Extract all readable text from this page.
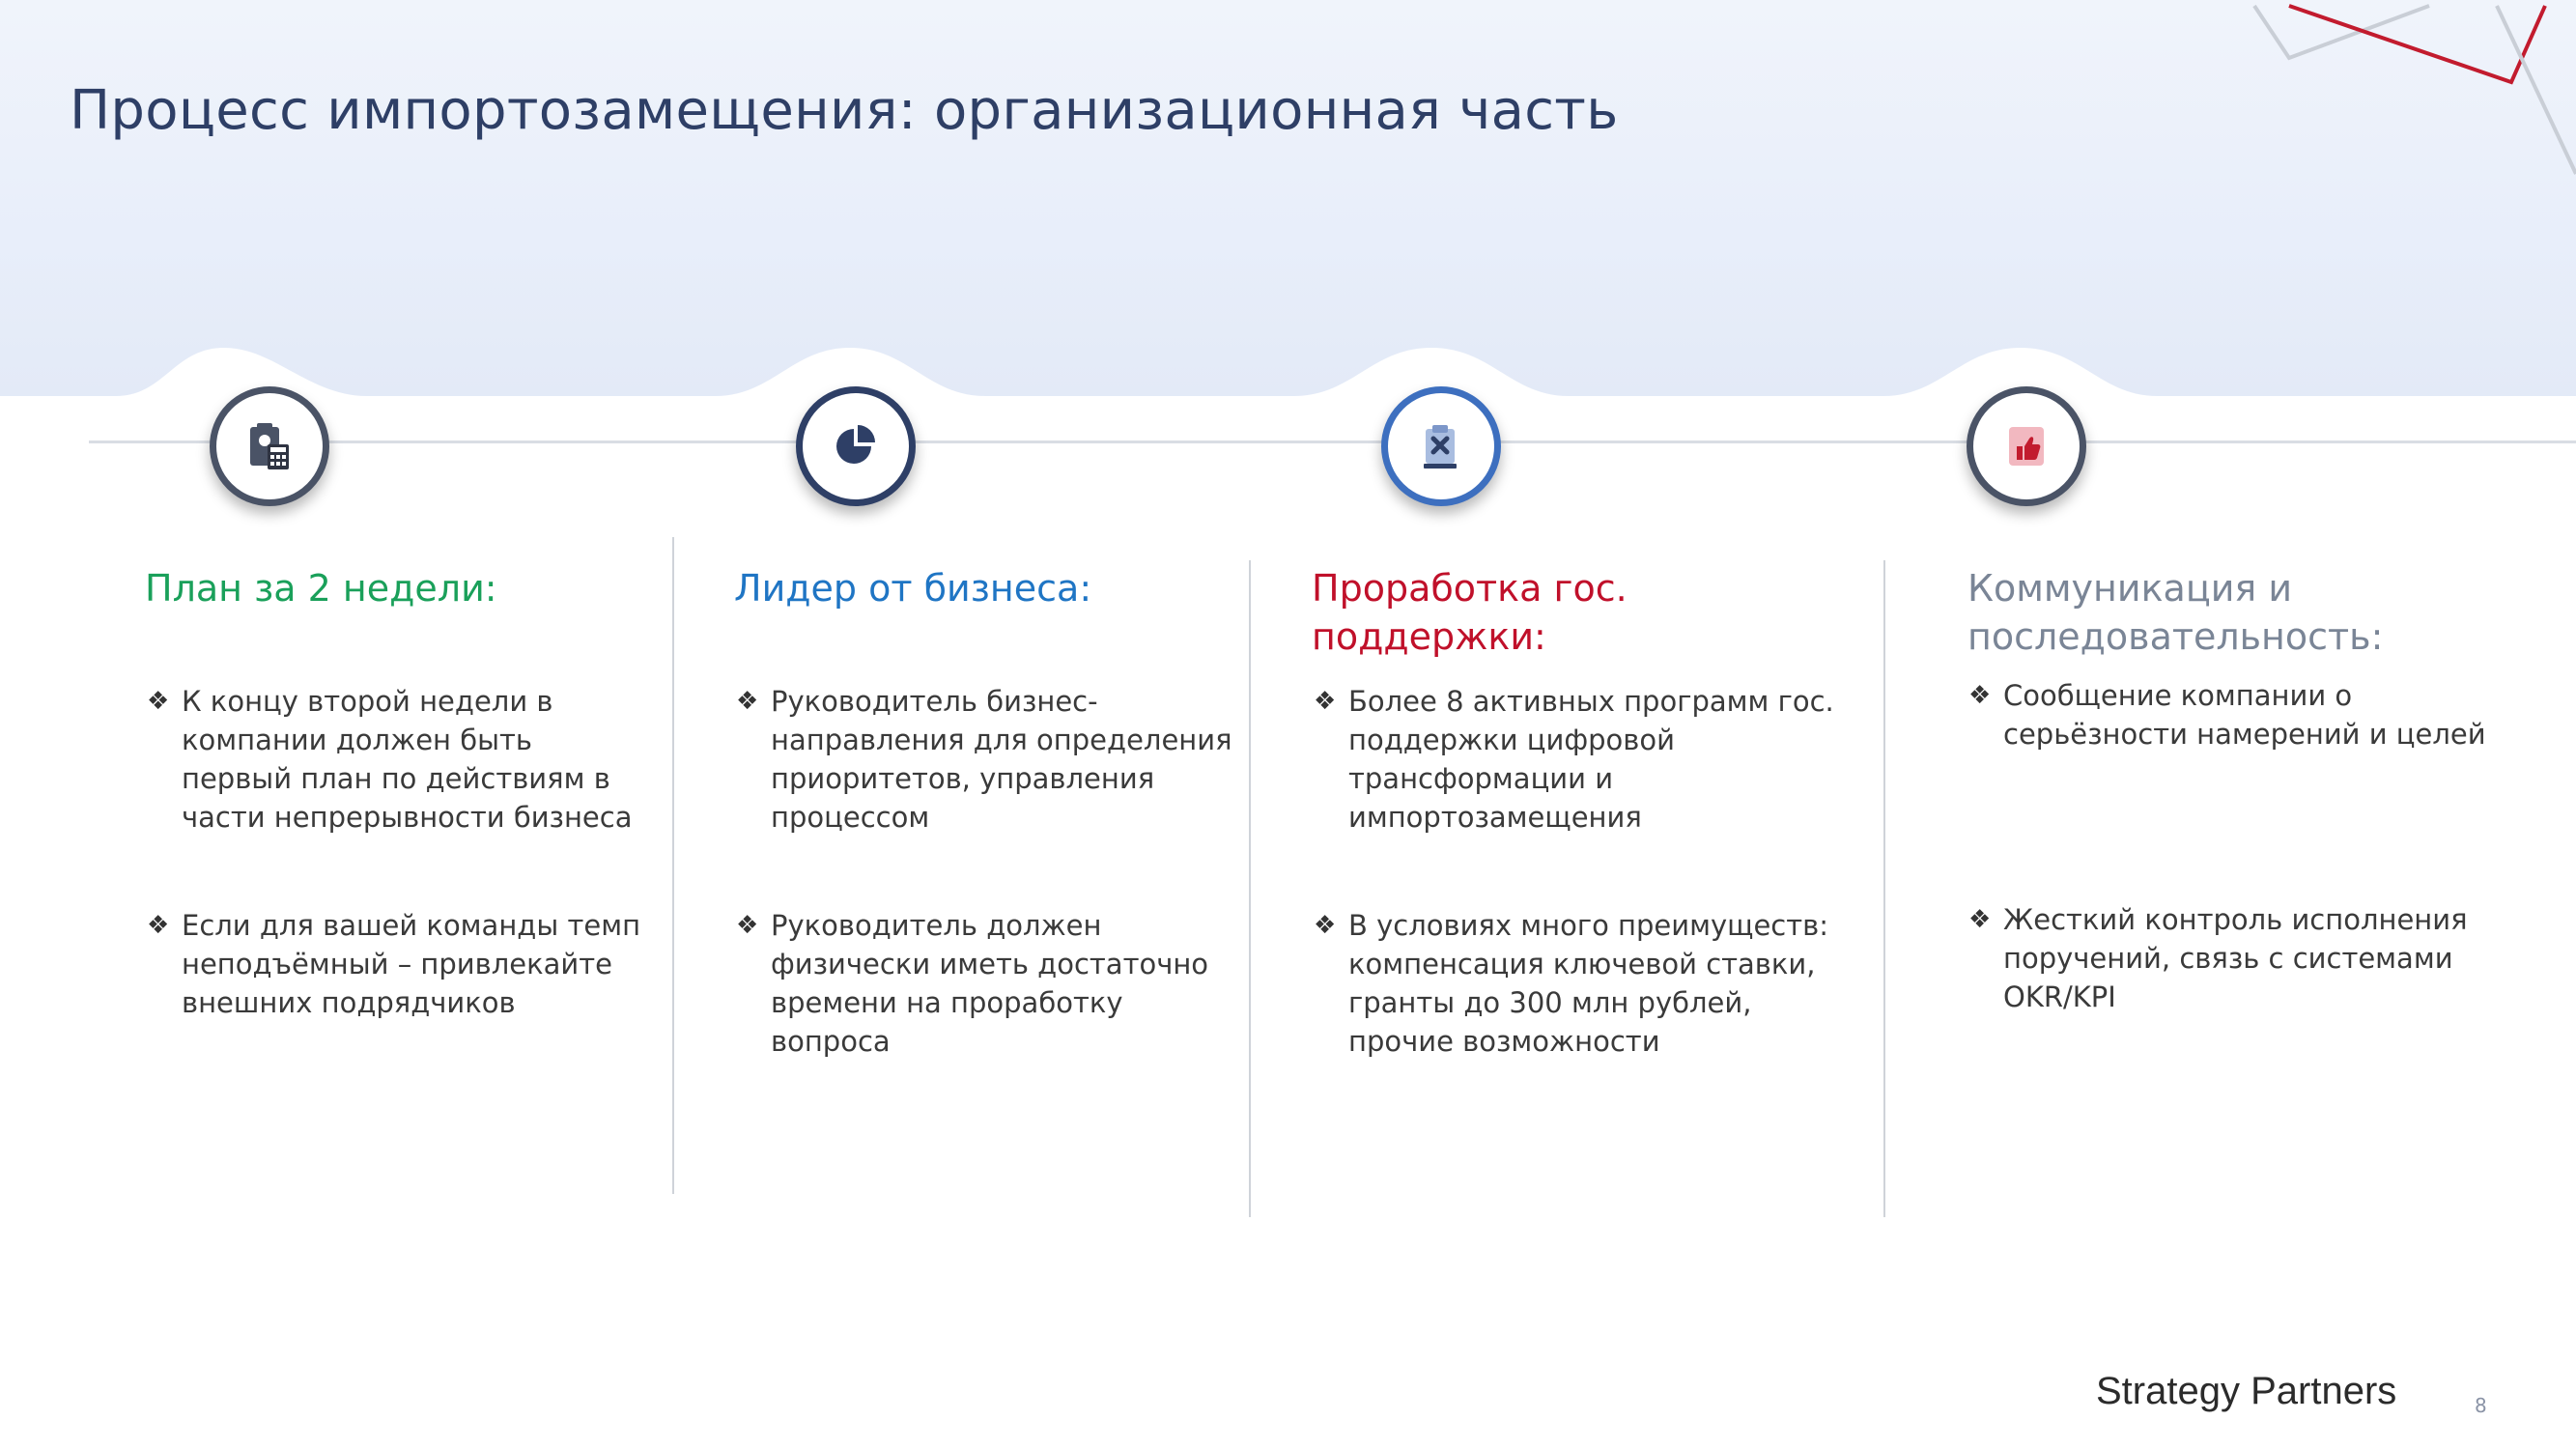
Процесс импортозамещения: организационная часть
План за 2 недели:
❖ К концу второй недели в компании должен быть первый план по действиям в части непрерывности бизнеса
❖ Если для вашей команды темп неподъёмный – привлекайте внешних подрядчиков
Лидер от бизнеса:
❖ Руководитель бизнес-направления для определения приоритетов, управления процессом
❖ Руководитель должен физически иметь достаточно времени на проработку вопроса
Проработка гос. поддержки:
❖ Более 8 активных программ гос. поддержки цифровой трансформации и импортозамещения
❖ В условиях много преимуществ: компенсация ключевой ставки, гранты до 300 млн рублей, прочие возможности
Коммуникация и последовательность:
❖ Сообщение компании о серьёзности намерений и целей
❖ Жесткий контроль исполнения поручений, связь с системами OKR/KPI
Strategy Partners	8
